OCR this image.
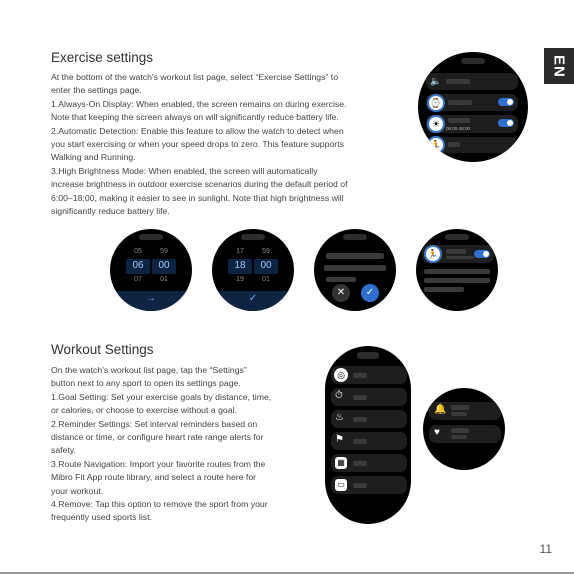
EN
Exercise settings
At the bottom of the watch's workout list page, select “Exercise Settings” to
enter the settings page.
1.Always-On Display: When enabled, the screen remains on during exercise.
Note that keeping the screen always on will significantly reduce battery life.
2.Automatic Detection: Enable this feature to allow the watch to detect when
you start exercising or when your speed drops to zero. This feature supports
Walking and Running.
3.High Brightness Mode: When enabled, the screen will automatically
increase brightness in outdoor exercise scenarios during the default period of
6:00–18:00, making it easier to see in sunlight. Note that high brightness will
significantly reduce battery life.
🔈
⌚
☀	06:00-18:00
🏃
05	59
06	00
07	01
→
17	59
18	00
19	01
✓
✕	✓
🏃
Workout Settings
On the watch's workout list page, tap the “Settings”
button next to any sport to open its settings page.
1.Goal Setting: Set your exercise goals by distance, time,
or calories, or choose to exercise without a goal.
2.Reminder Settings: Set interval reminders based on
distance or time, or configure heart rate range alerts for
safety.
3.Route Navigation: Import your favorite routes from the
Mibro Fit App route library, and select a route here for
your workout.
4.Remove: Tap this option to remove the sport from your
frequently used sports list.
◎
⏱
♨
⚑
▦
▭
🔔
♥
11
